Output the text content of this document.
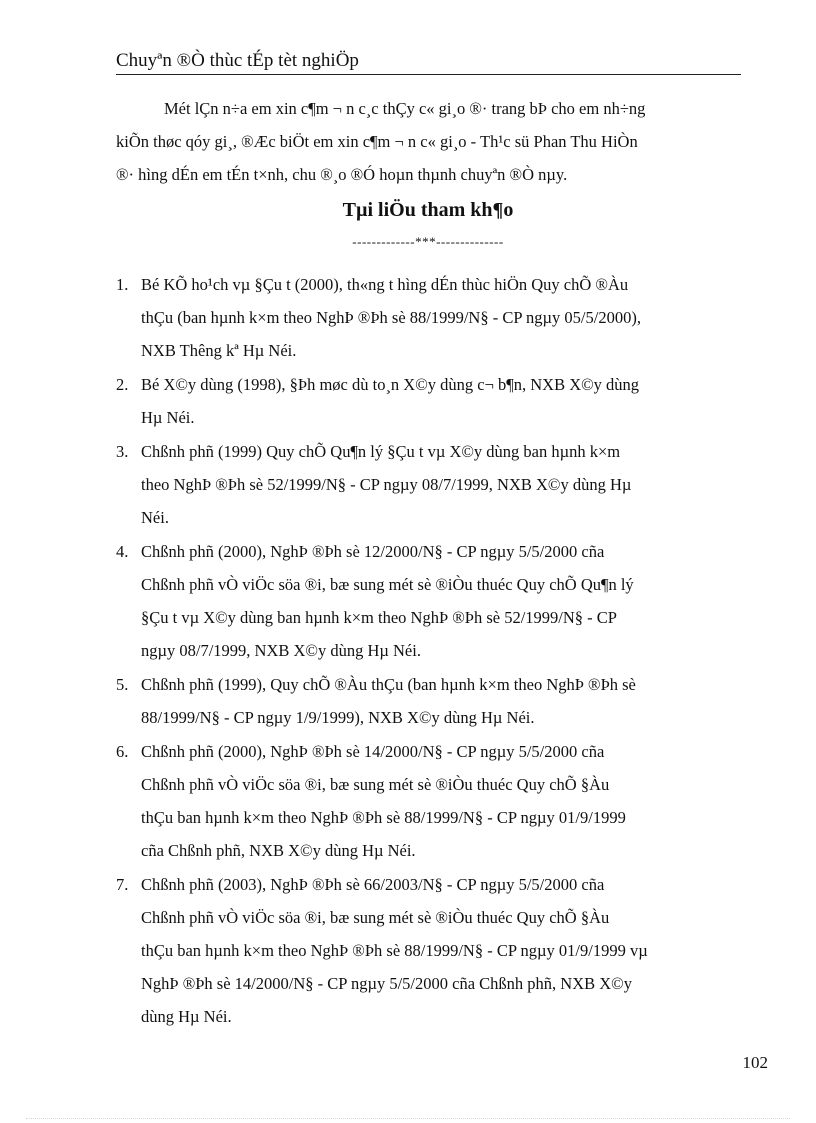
Chuyªn ®Ò thùc tÉp tèt nghiÖp
Mét lÇn n÷a em xin c¶m ¬ n c¸c thÇy c« gi¸o ®· trang bÞ cho em nh÷ng
kiÕn thøc qóy gi¸, ®Æc biÖt em xin c¶m ¬ n c« gi¸o - Th¹c sü Phan Thu HiÒn
®· hìng dÉn em tÉn t×nh, chu ®¸o ®Ó hoµn thµnh chuyªn ®Ò nµy.
Tµi liÖu tham kh¶o
-------------***--------------
1. Bé KÕ ho¹ch vµ §Çu t (2000), th«ng t hìng dÉn thùc hiÖn Quy chÕ ®Àu
thÇu (ban hµnh k×m theo NghÞ ®Þh sè 88/1999/N§ - CP ngµy 05/5/2000),
NXB Thêng kª Hµ Néi.
2. Bé X©y dùng (1998), §Þh møc dù to¸n X©y dùng c¬ b¶n, NXB X©y dùng
Hµ Néi.
3. Chßnh phñ (1999) Quy chÕ Qu¶n lý §Çu t vµ X©y dùng ban hµnh k×m
theo NghÞ ®Þh sè 52/1999/N§ - CP ngµy 08/7/1999, NXB X©y dùng Hµ
Néi.
4. Chßnh phñ (2000), NghÞ ®Þh sè 12/2000/N§ - CP ngµy 5/5/2000 cña
Chßnh phñ vÒ viÖc söa ®i, bæ sung mét sè ®iÒu thuéc Quy chÕ Qu¶n lý
§Çu t vµ X©y dùng ban hµnh k×m theo NghÞ ®Þh sè 52/1999/N§ - CP
ngµy 08/7/1999, NXB X©y dùng Hµ Néi.
5. Chßnh phñ (1999), Quy chÕ ®Àu thÇu (ban hµnh k×m theo NghÞ ®Þh sè
88/1999/N§ - CP ngµy 1/9/1999), NXB X©y dùng Hµ Néi.
6. Chßnh phñ (2000), NghÞ ®Þh sè 14/2000/N§ - CP ngµy 5/5/2000 cña
Chßnh phñ vÒ viÖc söa ®i, bæ sung mét sè ®iÒu thuéc Quy chÕ §Àu
thÇu ban hµnh k×m theo NghÞ ®Þh sè 88/1999/N§ - CP ngµy 01/9/1999
cña Chßnh phñ, NXB X©y dùng Hµ Néi.
7. Chßnh phñ (2003), NghÞ ®Þh sè 66/2003/N§ - CP ngµy 5/5/2000 cña
Chßnh phñ vÒ viÖc söa ®i, bæ sung mét sè ®iÒu thuéc Quy chÕ §Àu
thÇu ban hµnh k×m theo NghÞ ®Þh sè 88/1999/N§ - CP ngµy 01/9/1999 vµ
NghÞ ®Þh sè 14/2000/N§ - CP ngµy 5/5/2000 cña Chßnh phñ, NXB X©y
dùng Hµ Néi.
102
